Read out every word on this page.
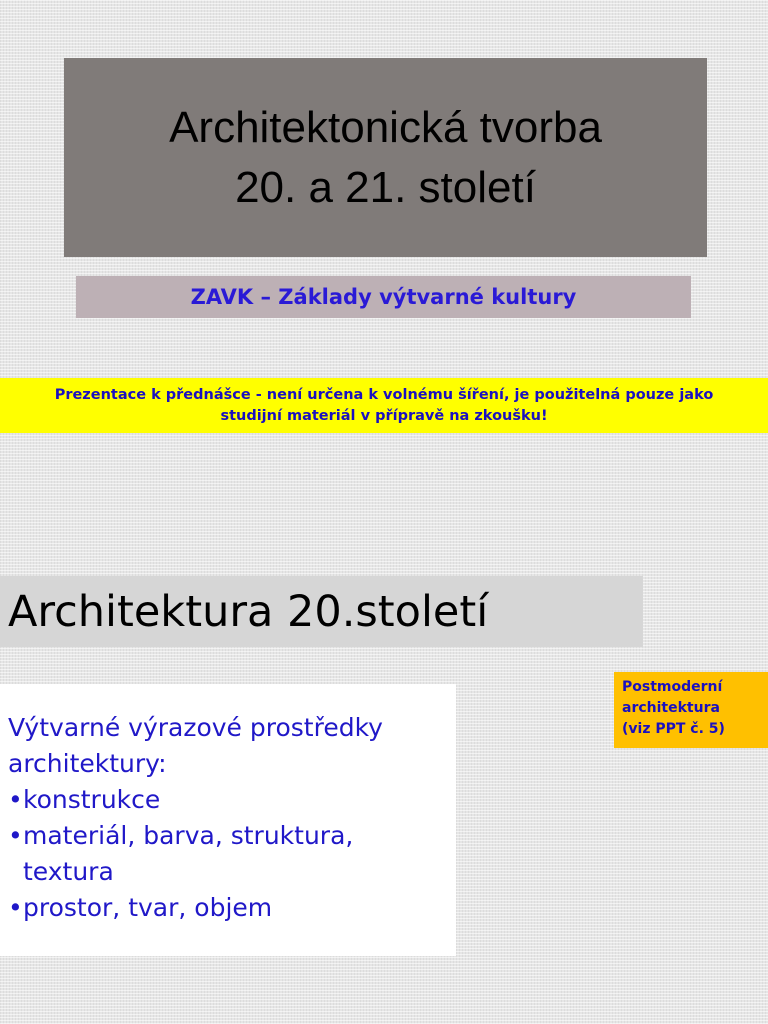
Architektonická tvorba
20. a 21. století
ZAVK – Základy výtvarné kultury
Prezentace k přednášce - není určena k volnému šíření, je použitelná pouze jako
studijní materiál v přípravě na zkoušku!
Architektura 20.století
Postmoderní
architektura
(viz PPT č. 5)
Výtvarné výrazové prostředky
architektury:
• konstrukce
• materiál, barva, struktura,
textura
• prostor, tvar, objem
